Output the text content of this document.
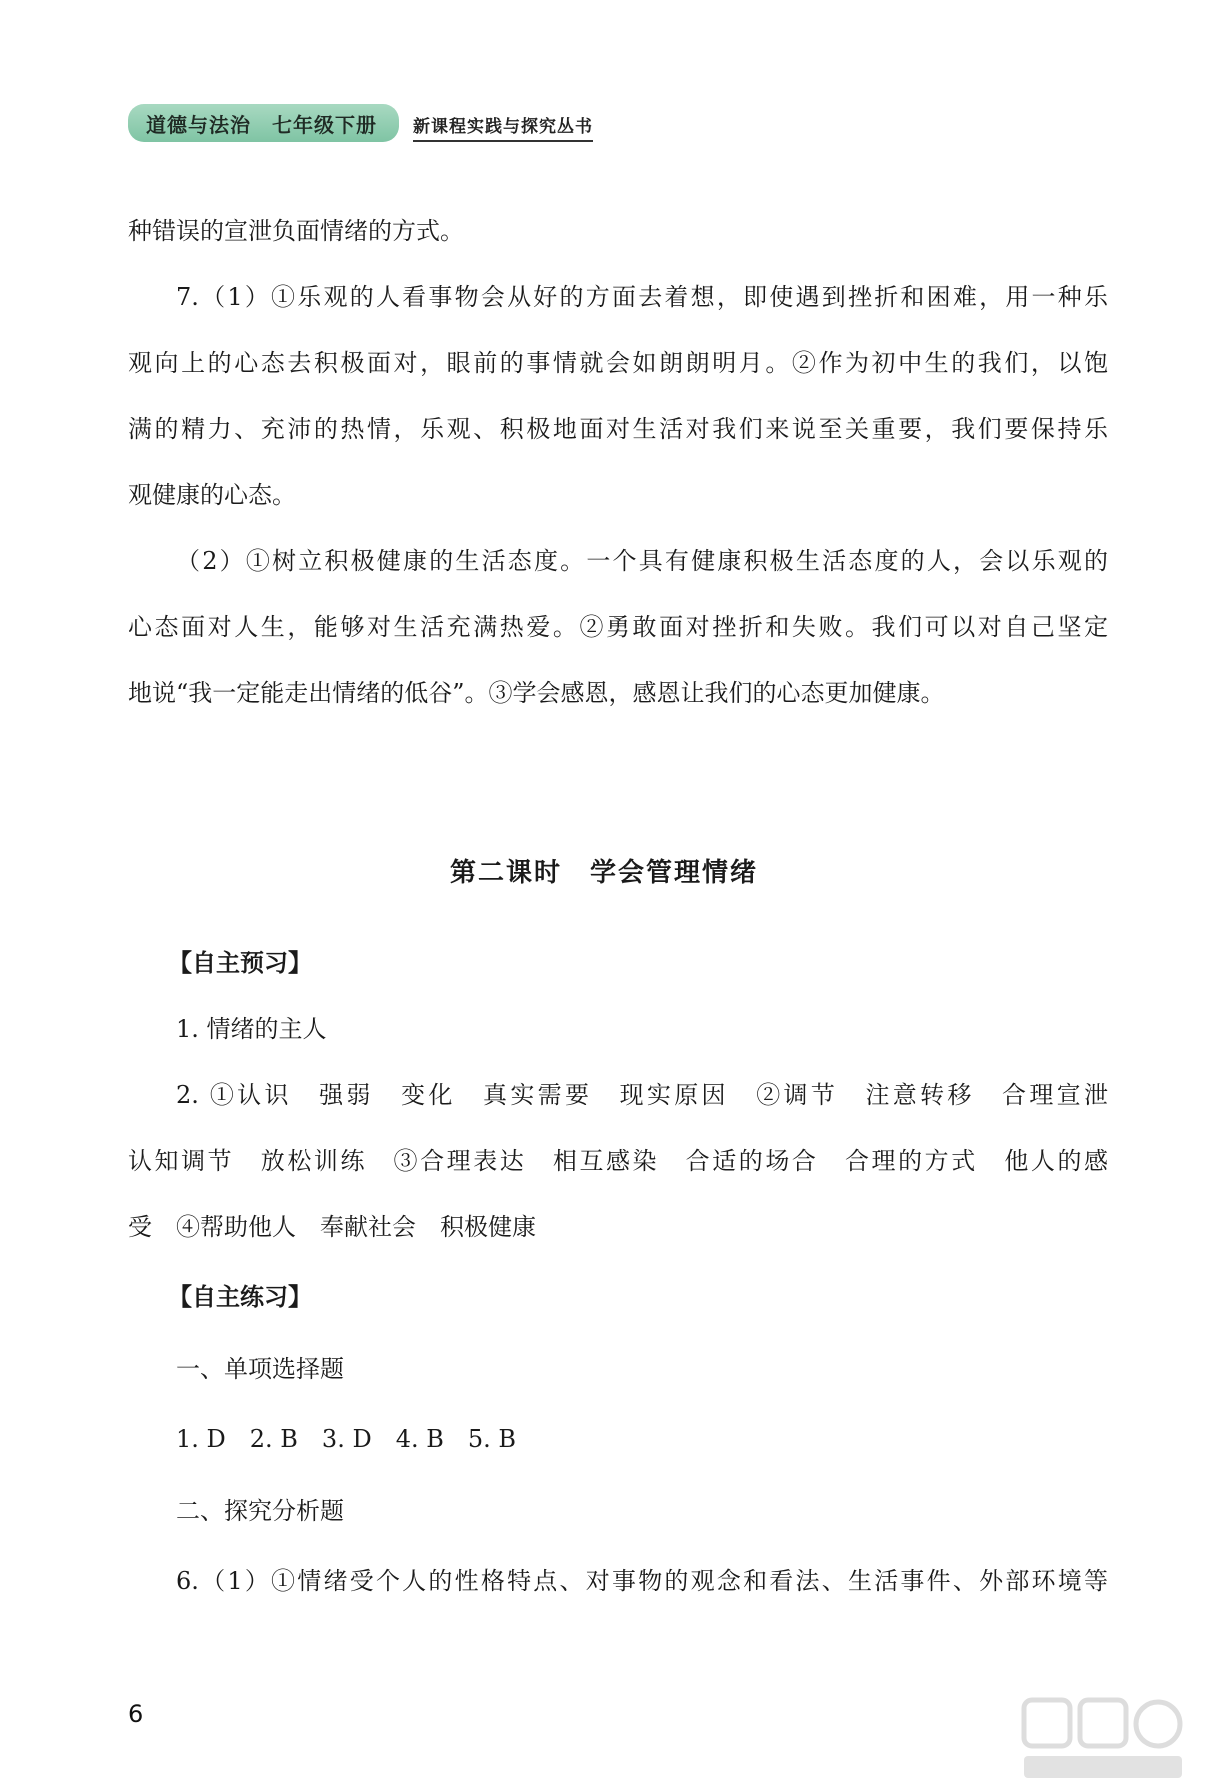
道德与法治　七年级下册	新课程实践与探究丛书
种错误的宣泄负面情绪的方式。
7.（1）①乐观的人看事物会从好的方面去着想，即使遇到挫折和困难，用一种乐
观向上的心态去积极面对，眼前的事情就会如朗朗明月。②作为初中生的我们，以饱
满的精力、充沛的热情，乐观、积极地面对生活对我们来说至关重要，我们要保持乐
观健康的心态。
（2）①树立积极健康的生活态度。一个具有健康积极生活态度的人，会以乐观的
心态面对人生，能够对生活充满热爱。②勇敢面对挫折和失败。我们可以对自己坚定
地说“我一定能走出情绪的低谷”。③学会感恩，感恩让我们的心态更加健康。
第二课时　学会管理情绪
【自主预习】
1. 情绪的主人
2. ①认识　强弱　变化　真实需要　现实原因　②调节　注意转移　合理宣泄
认知调节　放松训练　③合理表达　相互感染　合适的场合　合理的方式　他人的感
受　④帮助他人　奉献社会　积极健康
【自主练习】
一、单项选择题
1. D　2. B　3. D　4. B　5. B
二、探究分析题
6.（1）①情绪受个人的性格特点、对事物的观念和看法、生活事件、外部环境等
6
